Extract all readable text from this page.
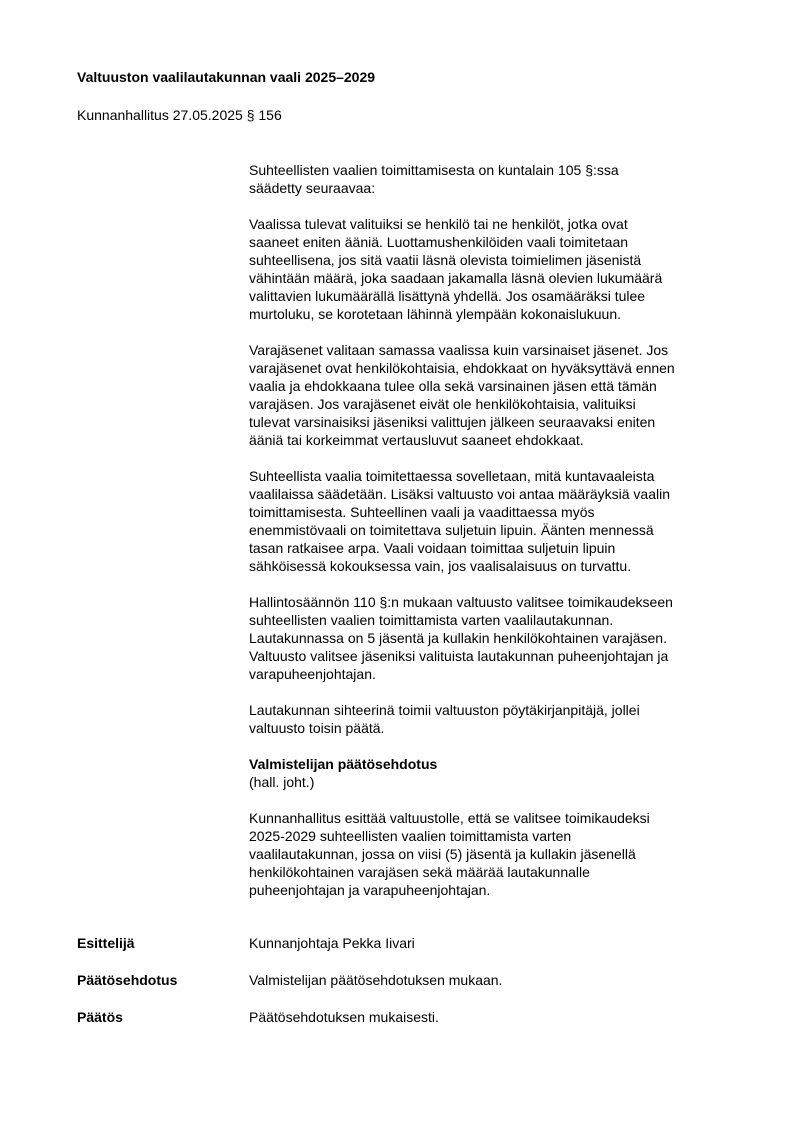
Valtuuston vaalilautakunnan vaali 2025–2029
Kunnanhallitus 27.05.2025 § 156
Suhteellisten vaalien toimittamisesta on kuntalain 105 §:ssa
säädetty seuraavaa:
Vaalissa tulevat valituiksi se henkilö tai ne henkilöt, jotka ovat
saaneet eniten ääniä. Luottamushenkilöiden vaali toimitetaan
suhteellisena, jos sitä vaatii läsnä olevista toimielimen jäsenistä
vähintään määrä, joka saadaan jakamalla läsnä olevien lukumäärä
valittavien lukumäärällä lisättynä yhdellä. Jos osamääräksi tulee
murtoluku, se korotetaan lähinnä ylempään kokonaislukuun.
Varajäsenet valitaan samassa vaalissa kuin varsinaiset jäsenet. Jos
varajäsenet ovat henkilökohtaisia, ehdokkaat on hyväksyttävä ennen
vaalia ja ehdokkaana tulee olla sekä varsinainen jäsen että tämän
varajäsen. Jos varajäsenet eivät ole henkilökohtaisia, valituiksi
tulevat varsinaisiksi jäseniksi valittujen jälkeen seuraavaksi eniten
ääniä tai korkeimmat vertausluvut saaneet ehdokkaat.
Suhteellista vaalia toimitettaessa sovelletaan, mitä kuntavaaleista
vaalilaissa säädetään. Lisäksi valtuusto voi antaa määräyksiä vaalin
toimittamisesta. Suhteellinen vaali ja vaadittaessa myös
enemmistövaali on toimitettava suljetuin lipuin. Äänten mennessä
tasan ratkaisee arpa. Vaali voidaan toimittaa suljetuin lipuin
sähköisessä kokouksessa vain, jos vaalisalaisuus on turvattu.
Hallintosäännön 110 §:n mukaan valtuusto valitsee toimikaudekseen
suhteellisten vaalien toimittamista varten vaalilautakunnan.
Lautakunnassa on 5 jäsentä ja kullakin henkilökohtainen varajäsen.
Valtuusto valitsee jäseniksi valituista lautakunnan puheenjohtajan ja
varapuheenjohtajan.
Lautakunnan sihteerinä toimii valtuuston pöytäkirjanpitäjä, jollei
valtuusto toisin päätä.
Valmistelijan päätösehdotus
(hall. joht.)
Kunnanhallitus esittää valtuustolle, että se valitsee toimikaudeksi
2025-2029 suhteellisten vaalien toimittamista varten
vaalilautakunnan, jossa on viisi (5) jäsentä ja kullakin jäsenellä
henkilökohtainen varajäsen sekä määrää lautakunnalle
puheenjohtajan ja varapuheenjohtajan.
Esittelijä	Kunnanjohtaja Pekka Iivari
Päätösehdotus	Valmistelijan päätösehdotuksen mukaan.
Päätös	Päätösehdotuksen mukaisesti.
